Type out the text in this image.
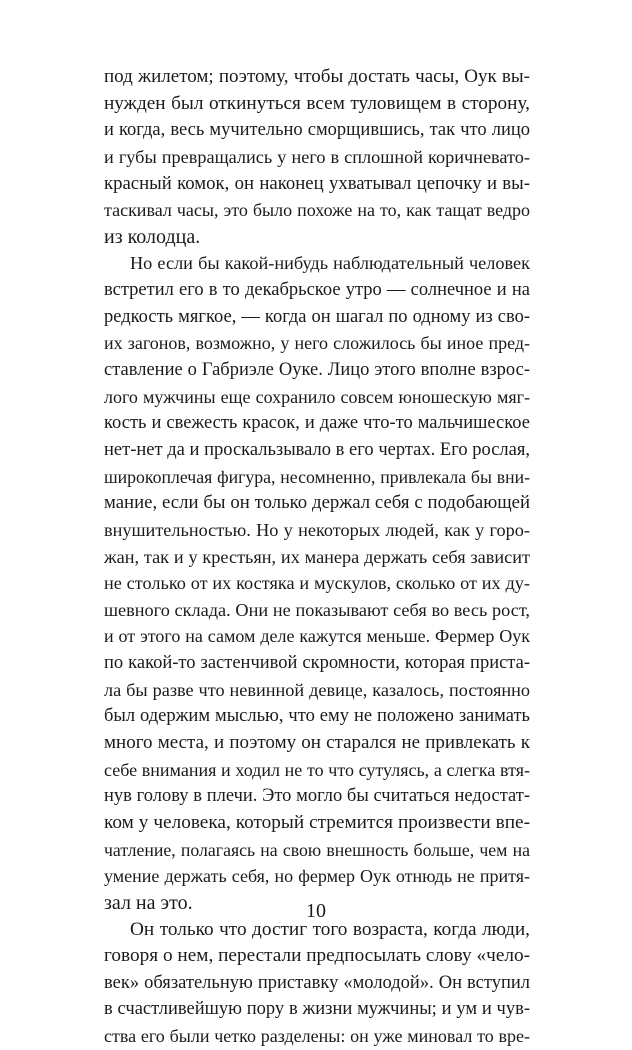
под жилетом; поэтому, чтобы достать часы, Оук вы-
нужден был откинуться всем туловищем в сторону,
и когда, весь мучительно сморщившись, так что лицо
и губы превращались у него в сплошной коричневато-
красный комок, он наконец ухватывал цепочку и вы-
таскивал часы, это было похоже на то, как тащат ведро
из колодца.
Но если бы какой-нибудь наблюдательный человек
встретил его в то декабрьское утро — солнечное и на
редкость мягкое, — когда он шагал по одному из сво-
их загонов, возможно, у него сложилось бы иное пред-
ставление о Габриэле Оуке. Лицо этого вполне взрос-
лого мужчины еще сохранило совсем юношескую мяг-
кость и свежесть красок, и даже что-то мальчишеское
нет-нет да и проскальзывало в его чертах. Его рослая,
широкоплечая фигура, несомненно, привлекала бы вни-
мание, если бы он только держал себя с подобающей
внушительностью. Но у некоторых людей, как у горо-
жан, так и у крестьян, их манера держать себя зависит
не столько от их костяка и мускулов, сколько от их ду-
шевного склада. Они не показывают себя во весь рост,
и от этого на самом деле кажутся меньше. Фермер Оук
по какой-то застенчивой скромности, которая приста-
ла бы разве что невинной девице, казалось, постоянно
был одержим мыслью, что ему не положено занимать
много места, и поэтому он старался не привлекать к
себе внимания и ходил не то что сутулясь, а слегка втя-
нув голову в плечи. Это могло бы считаться недостат-
ком у человека, который стремится произвести впе-
чатление, полагаясь на свою внешность больше, чем на
умение держать себя, но фермер Оук отнюдь не притя-
зал на это.
Он только что достиг того возраста, когда люди,
говоря о нем, перестали предпосылать слову «чело-
век» обязательную приставку «молодой». Он вступил
в счастливейшую пору в жизни мужчины; и ум и чув-
ства его были четко разделены: он уже миновал то вре-
10
